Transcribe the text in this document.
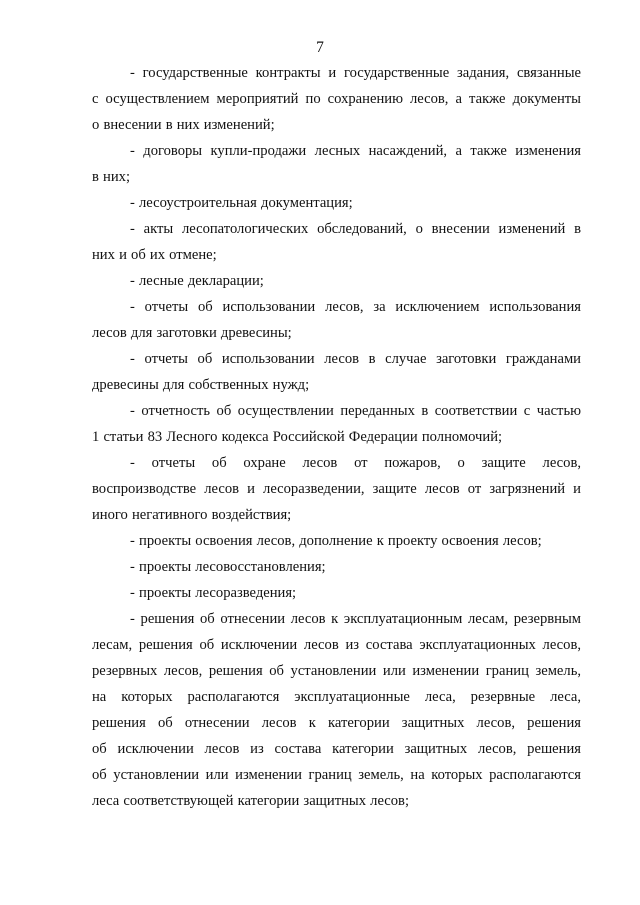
7
- государственные контракты и государственные задания, связанные
с осуществлением мероприятий по сохранению лесов, а также документы
о внесении в них изменений;
- договоры купли-продажи лесных насаждений, а также изменения
в них;
- лесоустроительная документация;
- акты лесопатологических обследований, о внесении изменений в
них и об их отмене;
- лесные декларации;
- отчеты об использовании лесов, за исключением использования
лесов для заготовки древесины;
- отчеты об использовании лесов в случае заготовки гражданами
древесины для собственных нужд;
- отчетность об осуществлении переданных в соответствии с частью
1 статьи 83 Лесного кодекса Российской Федерации полномочий;
- отчеты об охране лесов от пожаров, о защите лесов,
воспроизводстве лесов и лесоразведении, защите лесов от загрязнений и
иного негативного воздействия;
- проекты освоения лесов, дополнение к проекту освоения лесов;
- проекты лесовосстановления;
- проекты лесоразведения;
- решения об отнесении лесов к эксплуатационным лесам, резервным
лесам, решения об исключении лесов из состава эксплуатационных лесов,
резервных лесов, решения об установлении или изменении границ земель,
на которых располагаются эксплуатационные леса, резервные леса,
решения об отнесении лесов к категории защитных лесов, решения
об исключении лесов из состава категории защитных лесов, решения
об установлении или изменении границ земель, на которых располагаются
леса соответствующей категории защитных лесов;
